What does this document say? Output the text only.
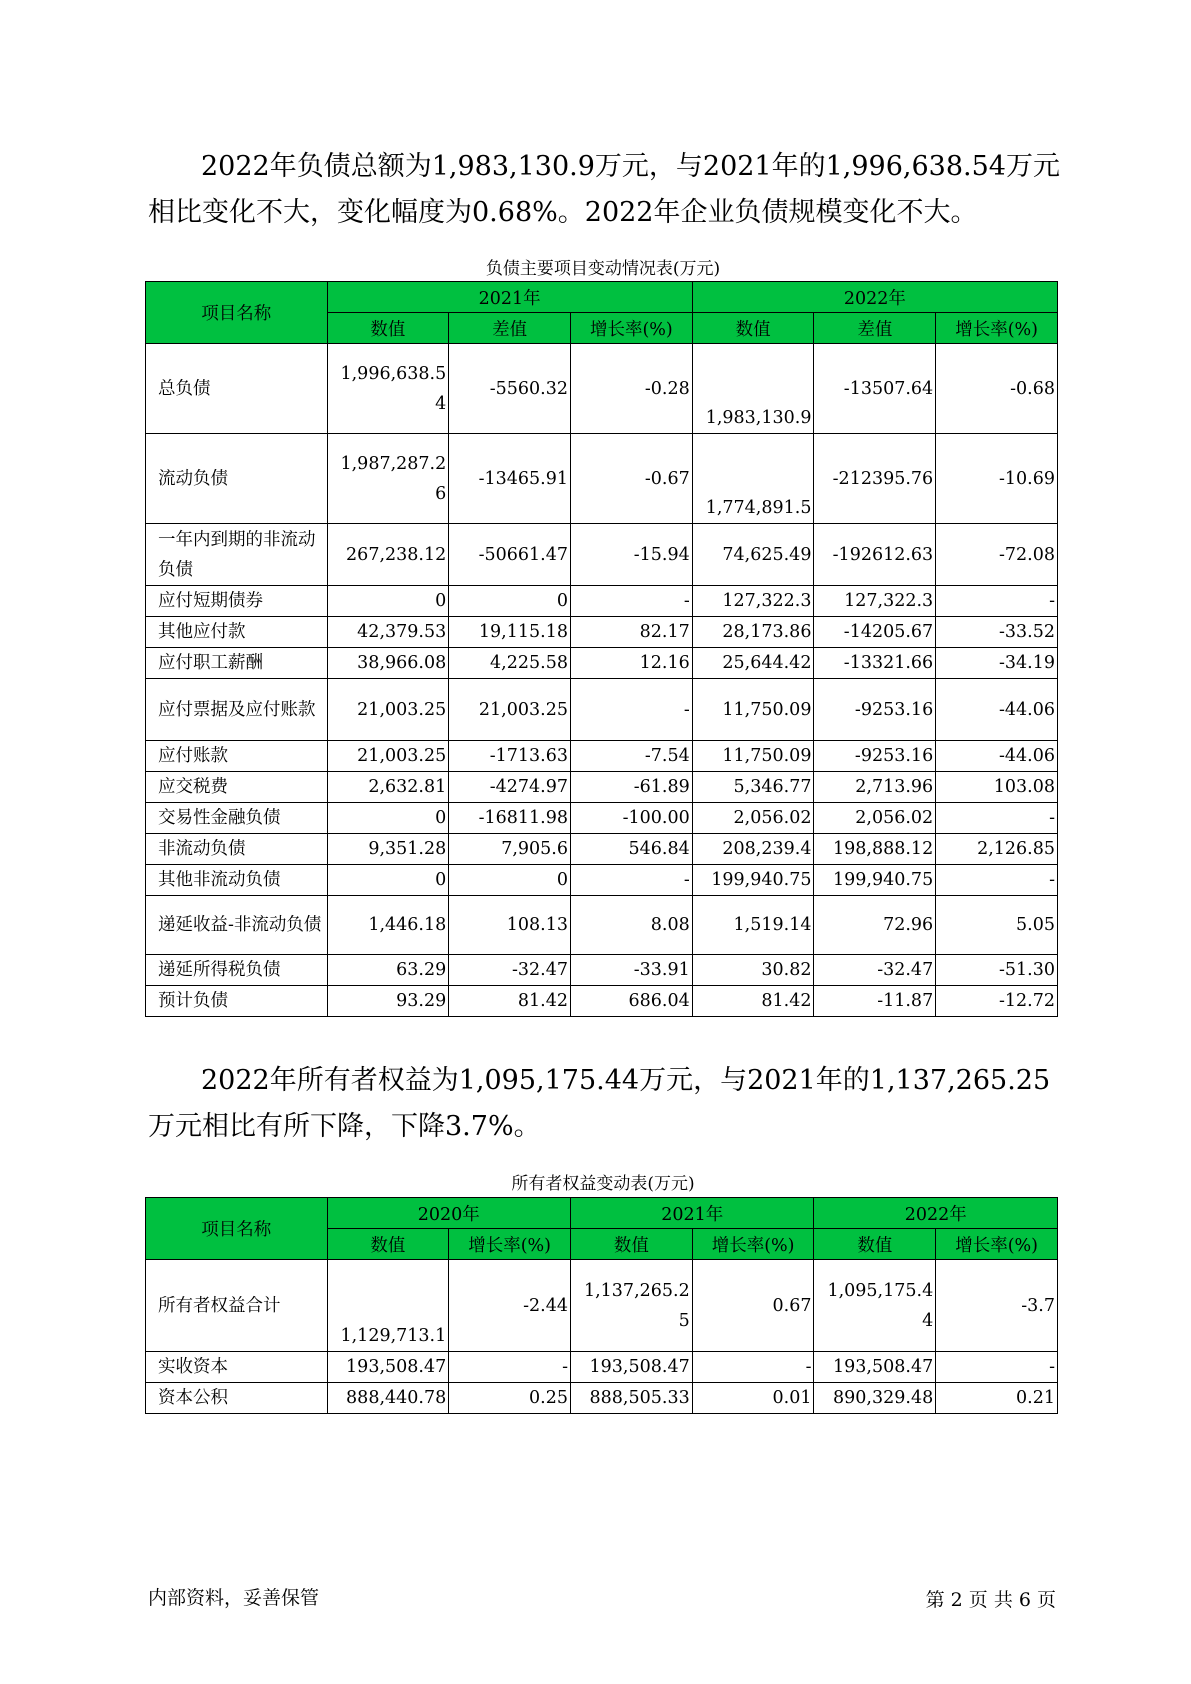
2022年负债总额为1,983,130.9万元，与2021年的1,996,638.54万元相比变化不大，变化幅度为0.68%。2022年企业负债规模变化不大。

负债主要项目变动情况表(万元)
项目名称	2021年			2022年		
	数值	差值	增长率(%)	数值	差值	增长率(%)
总负债	1,996,638.54	-5560.32	-0.28	1,983,130.9	-13507.64	-0.68
流动负债	1,987,287.26	-13465.91	-0.67	1,774,891.5	-212395.76	-10.69
一年内到期的非流动负债	267,238.12	-50661.47	-15.94	74,625.49	-192612.63	-72.08
应付短期债券	0	0	-	127,322.3	127,322.3	-
其他应付款	42,379.53	19,115.18	82.17	28,173.86	-14205.67	-33.52
应付职工薪酬	38,966.08	4,225.58	12.16	25,644.42	-13321.66	-34.19
应付票据及应付账款	21,003.25	21,003.25	-	11,750.09	-9253.16	-44.06
应付账款	21,003.25	-1713.63	-7.54	11,750.09	-9253.16	-44.06
应交税费	2,632.81	-4274.97	-61.89	5,346.77	2,713.96	103.08
交易性金融负债	0	-16811.98	-100.00	2,056.02	2,056.02	-
非流动负债	9,351.28	7,905.6	546.84	208,239.4	198,888.12	2,126.85
其他非流动负债	0	0	-	199,940.75	199,940.75	-
递延收益-非流动负债	1,446.18	108.13	8.08	1,519.14	72.96	5.05
递延所得税负债	63.29	-32.47	-33.91	30.82	-32.47	-51.30
预计负债	93.29	81.42	686.04	81.42	-11.87	-12.72

2022年所有者权益为1,095,175.44万元，与2021年的1,137,265.25万元相比有所下降，下降3.7%。

所有者权益变动表(万元)
项目名称	2020年		2021年		2022年	
	数值	增长率(%)	数值	增长率(%)	数值	增长率(%)
所有者权益合计	1,129,713.1	-2.44	1,137,265.25	0.67	1,095,175.44	-3.7
实收资本	193,508.47	-	193,508.47	-	193,508.47	-
资本公积	888,440.78	0.25	888,505.33	0.01	890,329.48	0.21
内部资料，妥善保管	第 2 页 共 6 页
